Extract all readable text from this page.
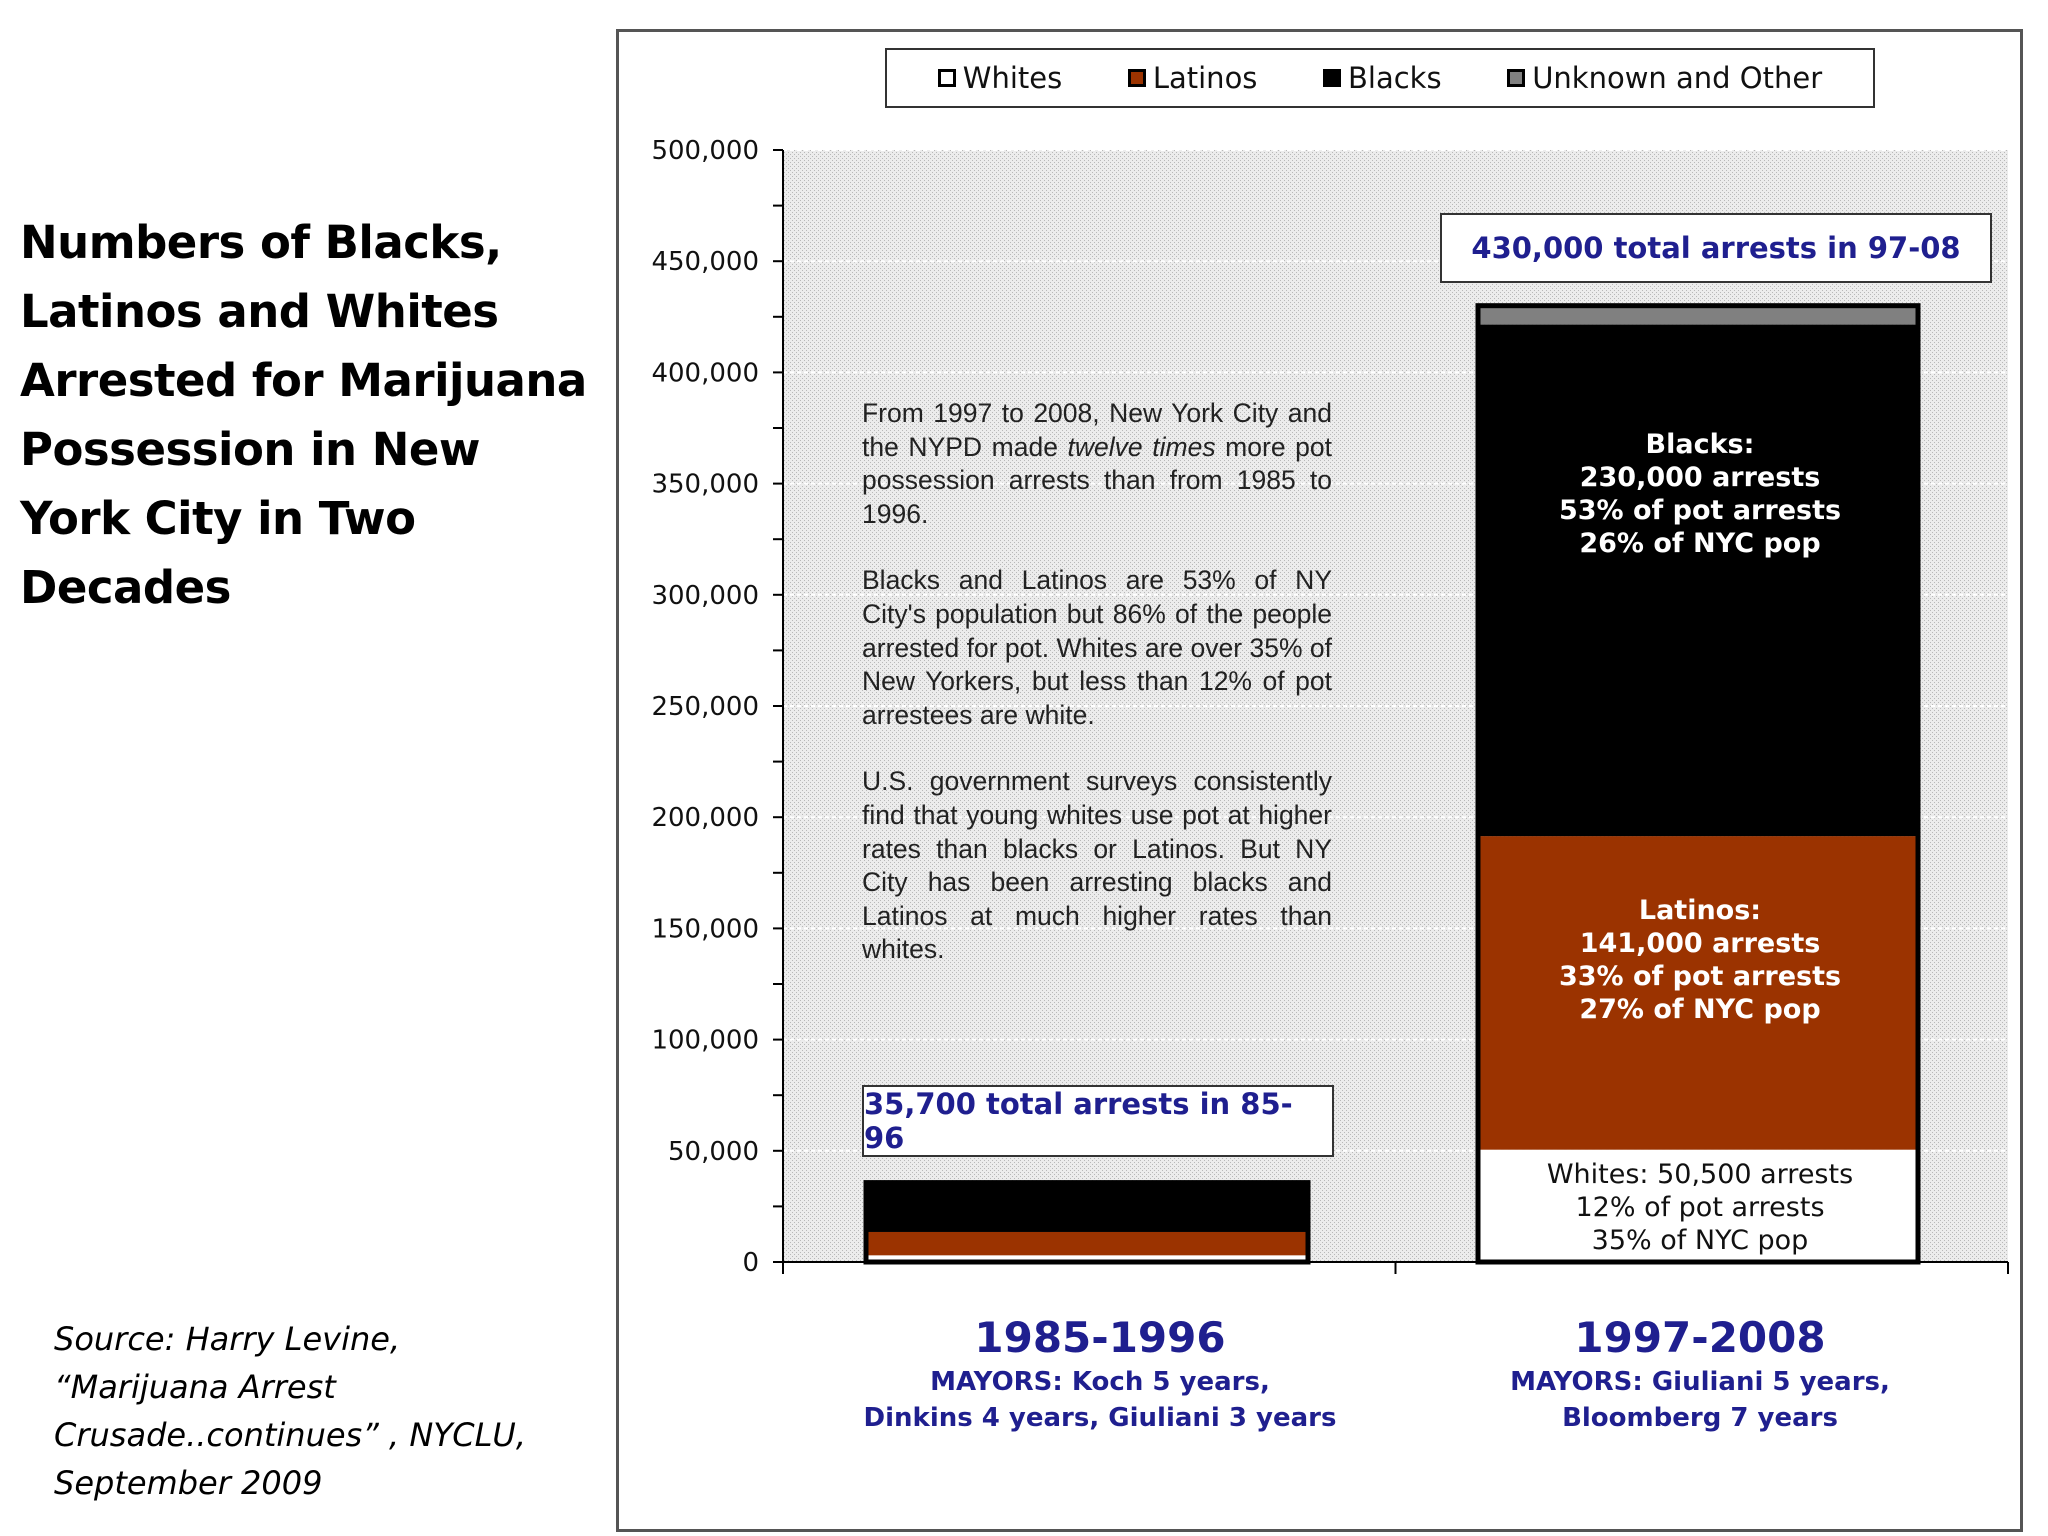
Numbers of Blacks, Latinos and Whites Arrested for Marijuana Possession in New York City in Two Decades
Source: Harry Levine, “Marijuana Arrest Crusade..continues” , NYCLU, September 2009
0
50,000
100,000
150,000
200,000
250,000
300,000
350,000
400,000
450,000
500,000
Whites	Latinos	Blacks	Unknown and Other

From 1997 to 2008, New York City and the NYPD made twelve times more pot possession arrests than from 1985 to 1996.

Blacks and Latinos are 53% of NY City's population but 86% of the people arrested for pot. Whites are over 35% of New Yorkers, but less than 12% of pot arrestees are white.

U.S. government surveys consistently find that young whites use pot at higher rates than blacks or Latinos. But NY City has been arresting blacks and Latinos at much higher rates than whites.

35,700 total arrests in 85-96
430,000 total arrests in 97-08
Blacks:
230,000 arrests
53% of pot arrests
26% of NYC pop
Latinos:
141,000 arrests
33% of pot arrests
27% of NYC pop
Whites: 50,500 arrests
12% of pot arrests
35% of NYC pop
1985-1996
MAYORS: Koch 5 years,
Dinkins 4 years, Giuliani 3 years
1997-2008
MAYORS: Giuliani 5 years,
Bloomberg 7 years
